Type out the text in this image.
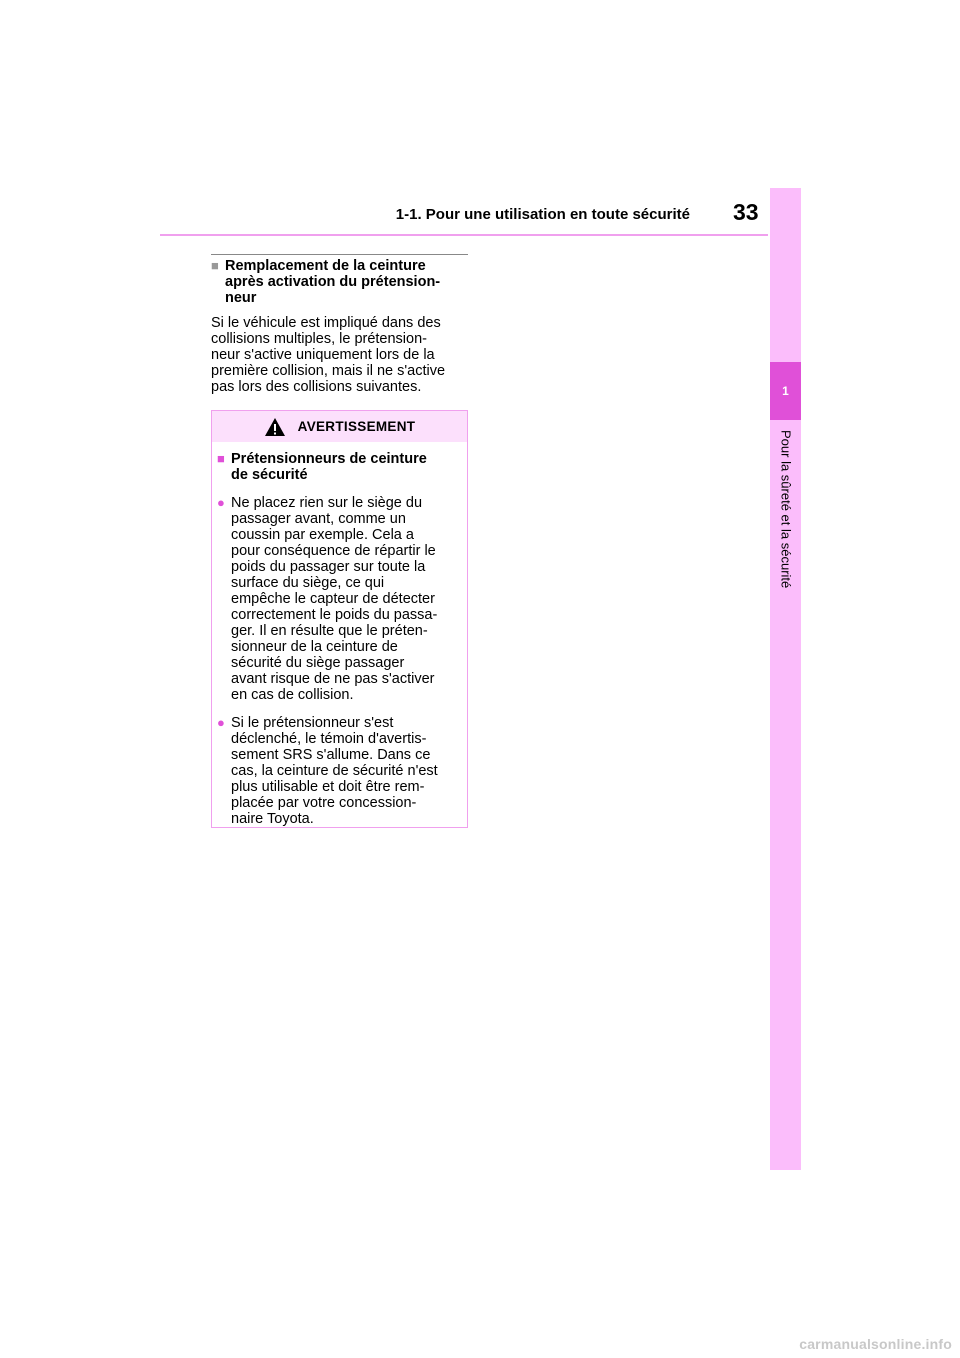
1-1. Pour une utilisation en toute sécurité 33
1
Pour la sûreté et la sécurité
■ Remplacement de la ceinture
après activation du prétension-
neur
Si le véhicule est impliqué dans des
collisions multiples, le prétension-
neur s'active uniquement lors de la
première collision, mais il ne s'active
pas lors des collisions suivantes.
AVERTISSEMENT
■ Prétensionneurs de ceinture
de sécurité
● Ne placez rien sur le siège du
passager avant, comme un
coussin par exemple. Cela a
pour conséquence de répartir le
poids du passager sur toute la
surface du siège, ce qui
empêche le capteur de détecter
correctement le poids du passa-
ger. Il en résulte que le préten-
sionneur de la ceinture de
sécurité du siège passager
avant risque de ne pas s'activer
en cas de collision.
● Si le prétensionneur s'est
déclenché, le témoin d'avertis-
sement SRS s'allume. Dans ce
cas, la ceinture de sécurité n'est
plus utilisable et doit être rem-
placée par votre concession-
naire Toyota.
carmanualsonline.info
